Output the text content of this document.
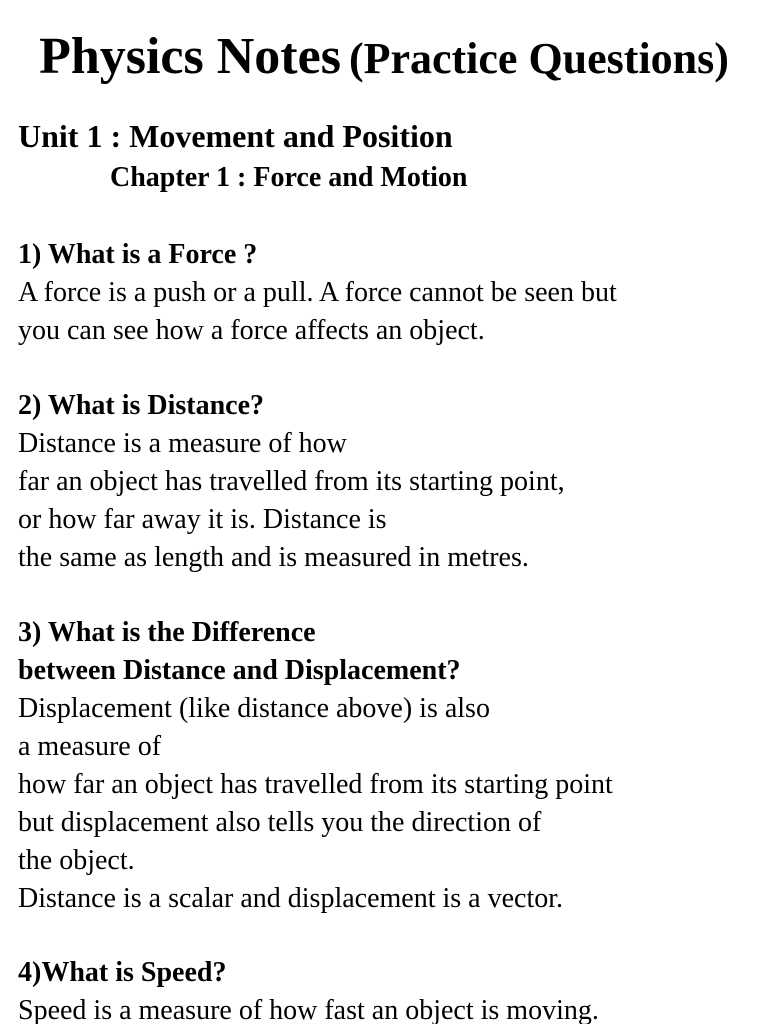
Physics Notes (Practice Questions)
Unit 1 : Movement and Position
Chapter 1 : Force and Motion
1) What is a Force ?
A force is a push or a pull. A force cannot be seen but
you can see how a force affects an object.
2) What is Distance?
Distance is a measure of how
far an object has travelled from its starting point,
or how far away it is. Distance is
the same as length and is measured in metres.
3) What is the Difference
between Distance and Displacement?
Displacement (like distance above) is also
a measure of
how far an object has travelled from its starting point
but displacement also tells you the direction of
the object.
Distance is a scalar and displacement is a vector.
4)What is Speed?
Speed is a measure of how fast an object is moving.
